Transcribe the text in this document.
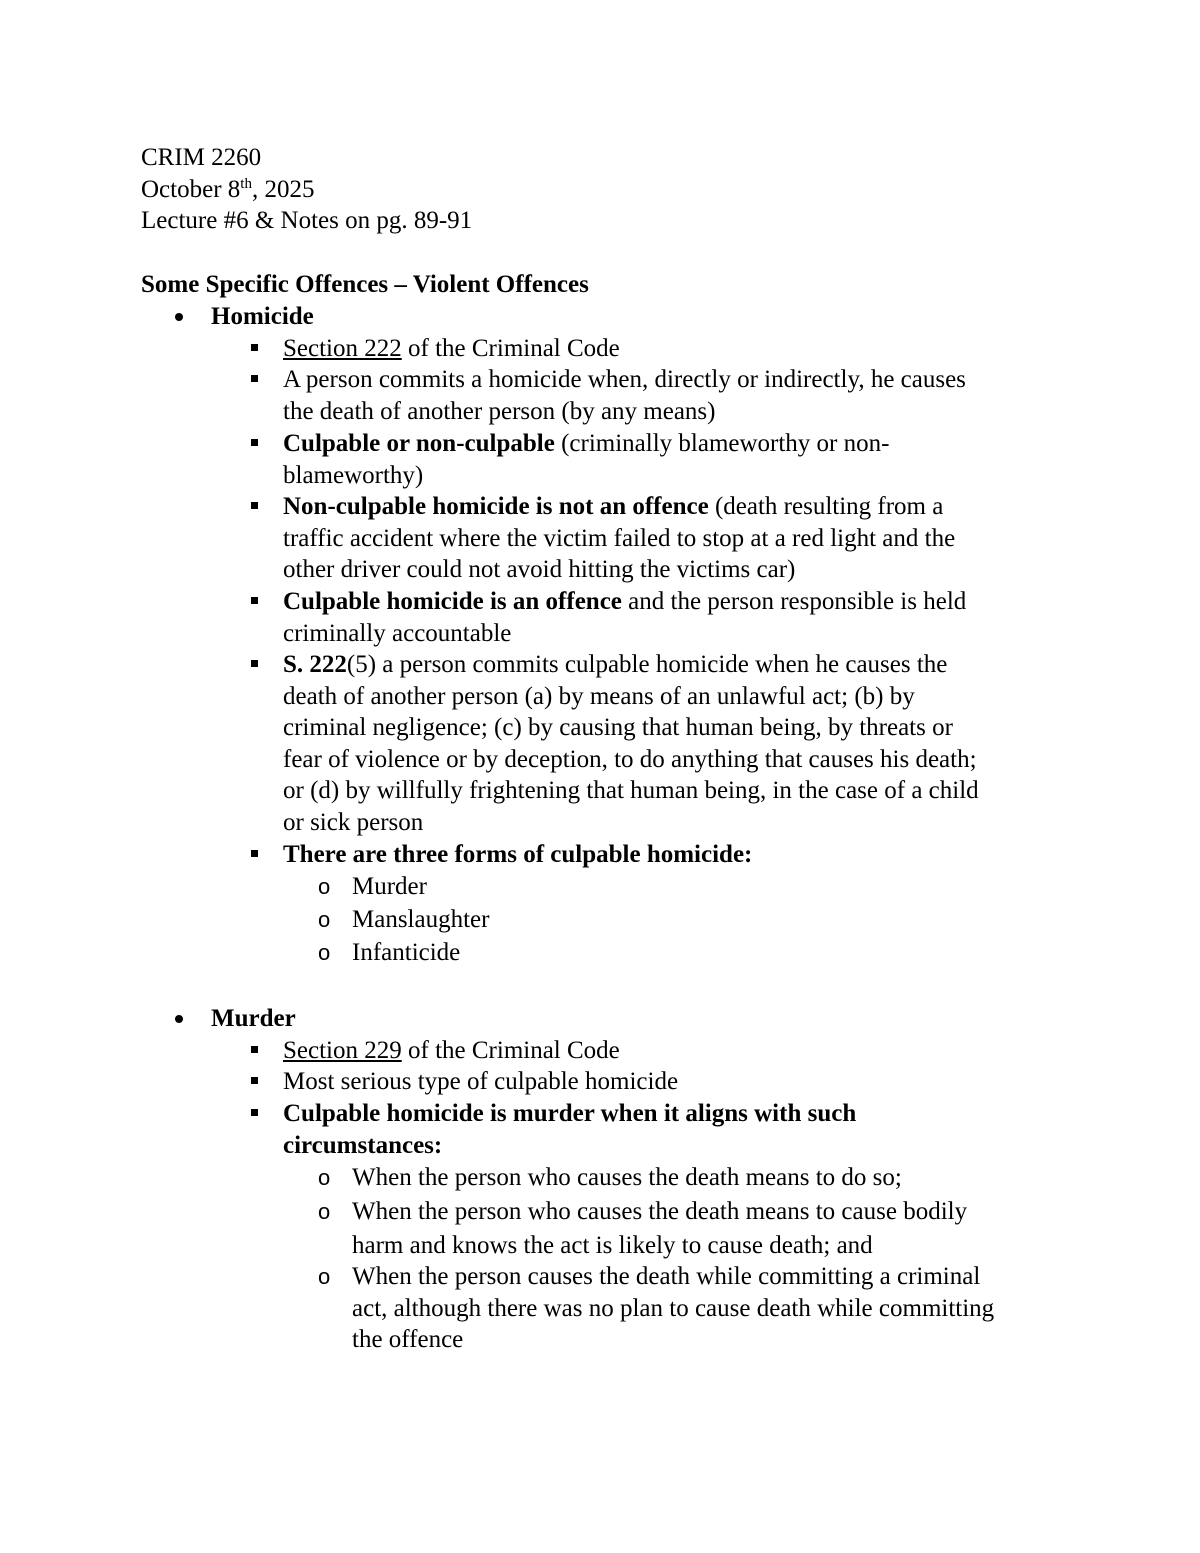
CRIM 2260
October 8th, 2025
Lecture #6 & Notes on pg. 89-91
Some Specific Offences – Violent Offences
Homicide
Section 222 of the Criminal Code
A person commits a homicide when, directly or indirectly, he causes
the death of another person (by any means)
Culpable or non-culpable (criminally blameworthy or non-
blameworthy)
Non-culpable homicide is not an offence (death resulting from a
traffic accident where the victim failed to stop at a red light and the
other driver could not avoid hitting the victims car)
Culpable homicide is an offence and the person responsible is held
criminally accountable
S. 222(5) a person commits culpable homicide when he causes the
death of another person (a) by means of an unlawful act; (b) by
criminal negligence; (c) by causing that human being, by threats or
fear of violence or by deception, to do anything that causes his death;
or (d) by willfully frightening that human being, in the case of a child
or sick person
There are three forms of culpable homicide:
o Murder
o Manslaughter
o Infanticide
Murder
Section 229 of the Criminal Code
Most serious type of culpable homicide
Culpable homicide is murder when it aligns with such
circumstances:
o When the person who causes the death means to do so;
o When the person who causes the death means to cause bodily
harm and knows the act is likely to cause death; and
o When the person causes the death while committing a criminal
act, although there was no plan to cause death while committing
the offence
